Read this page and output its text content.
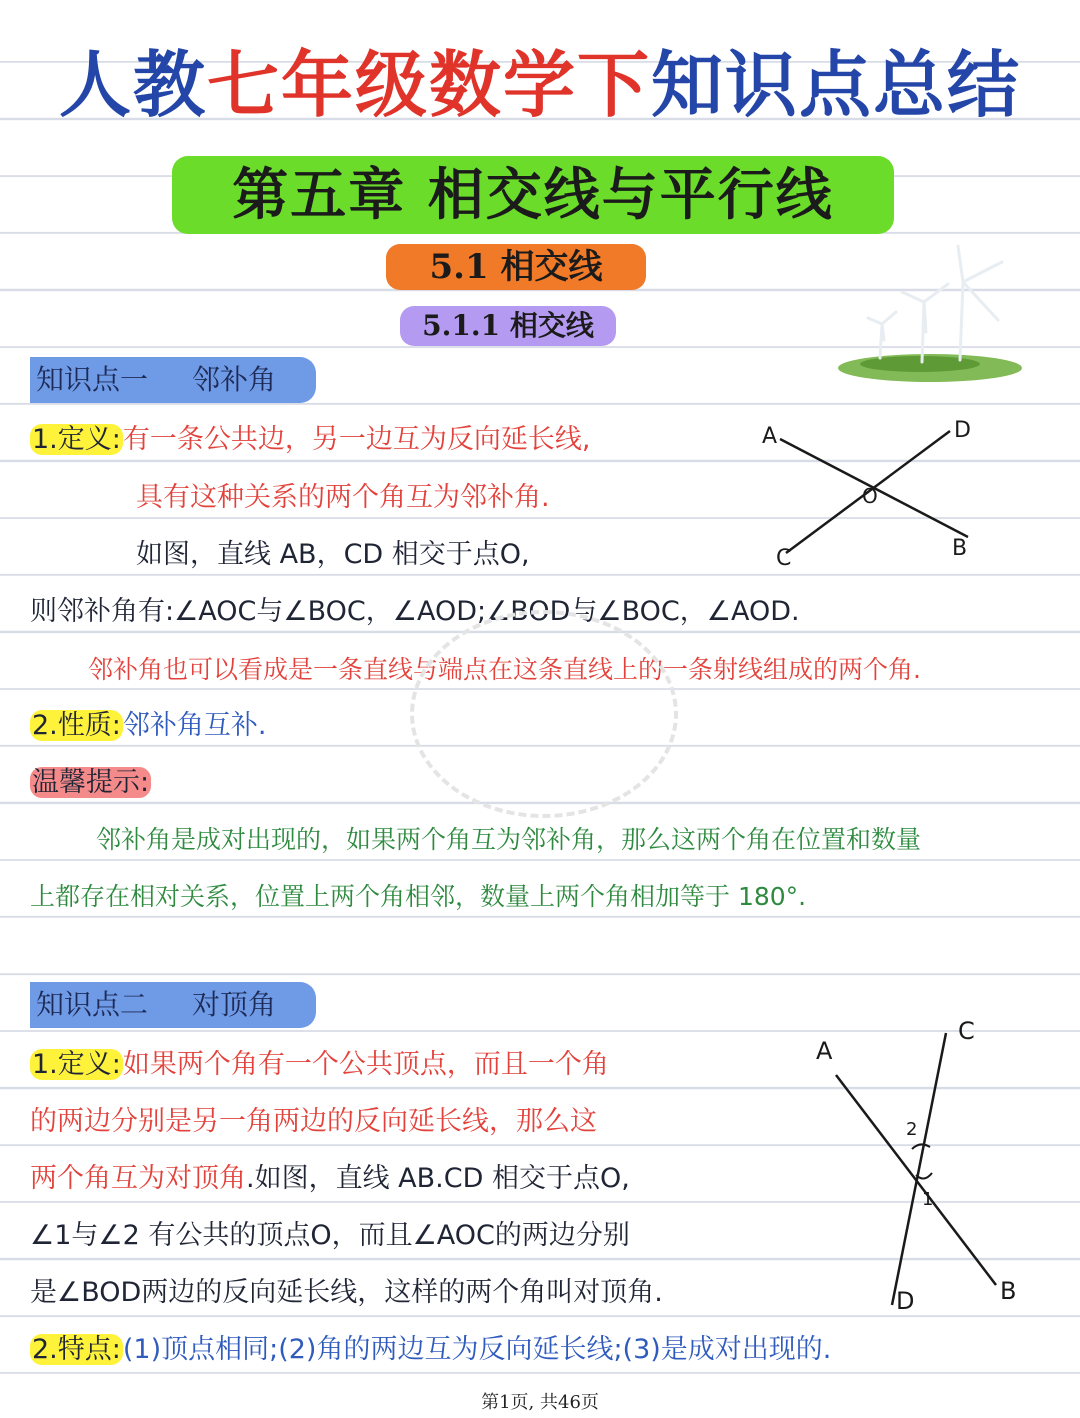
人教七年级数学下知识点总结
第五章 相交线与平行线
5.1 相交线
5.1.1 相交线
知识点一 邻补角
1.定义:有一条公共边，另一边互为反向延长线,
具有这种关系的两个角互为邻补角.
如图，直线 AB，CD 相交于点O,
则邻补角有:∠AOC与∠BOC，∠AOD;∠BOD与∠BOC，∠AOD.
邻补角也可以看成是一条直线与端点在这条直线上的一条射线组成的两个角.
2.性质:邻补角互补.
温馨提示:
邻补角是成对出现的，如果两个角互为邻补角，那么这两个角在位置和数量
上都存在相对关系，位置上两个角相邻，数量上两个角相加等于 180°.
A	D
O
C	B
知识点二 对顶角
1.定义:如果两个角有一个公共顶点，而且一个角
的两边分别是另一角两边的反向延长线，那么这
两个角互为对顶角.如图，直线 AB.CD 相交于点O,
∠1与∠2 有公共的顶点O，而且∠AOC的两边分别
是∠BOD两边的反向延长线，这样的两个角叫对顶角.
2.特点:(1)顶点相同;(2)角的两边互为反向延长线;(3)是成对出现的.
A
C
2
1
D	B
第1页, 共46页
